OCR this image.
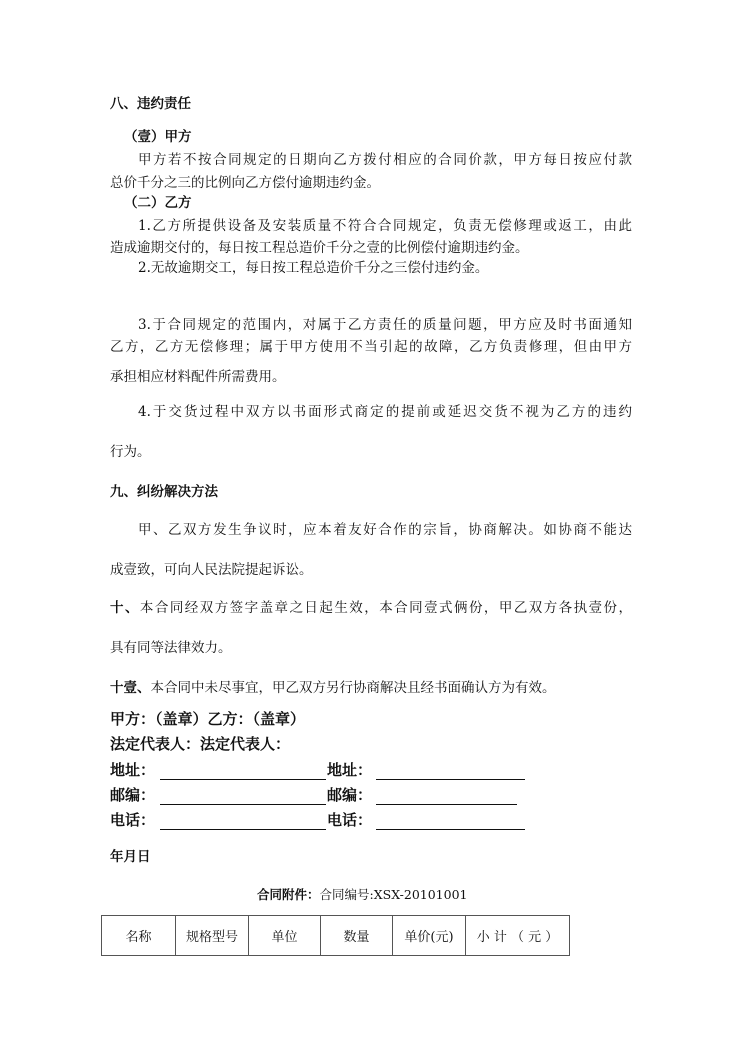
八、违约责任
（壹）甲方
甲方若不按合同规定的日期向乙方拨付相应的合同价款，甲方每日按应付款
总价千分之三的比例向乙方偿付逾期违约金。
（二）乙方
1.乙方所提供设备及安装质量不符合合同规定，负责无偿修理或返工，由此
造成逾期交付的，每日按工程总造价千分之壹的比例偿付逾期违约金。
2.无故逾期交工，每日按工程总造价千分之三偿付违约金。
3.于合同规定的范围内，对属于乙方责任的质量问题，甲方应及时书面通知
乙方，乙方无偿修理；属于甲方使用不当引起的故障，乙方负责修理，但由甲方
承担相应材料配件所需费用。
4.于交货过程中双方以书面形式商定的提前或延迟交货不视为乙方的违约
行为。
九、纠纷解决方法
甲、乙双方发生争议时，应本着友好合作的宗旨，协商解决。如协商不能达
成壹致，可向人民法院提起诉讼。
十、本合同经双方签字盖章之日起生效，本合同壹式俩份，甲乙双方各执壹份，
具有同等法律效力。
十壹、本合同中未尽事宜，甲乙双方另行协商解决且经书面确认方为有效。
甲方：（盖章）乙方：（盖章）
法定代表人：法定代表人：
地址：	地址：
邮编：	邮编：
电话：	电话：
年月日
合同附件：合同编号:XSX-20101001
名称	规格型号	单位	数量	单价(元)	小 计 （ 元 ）
